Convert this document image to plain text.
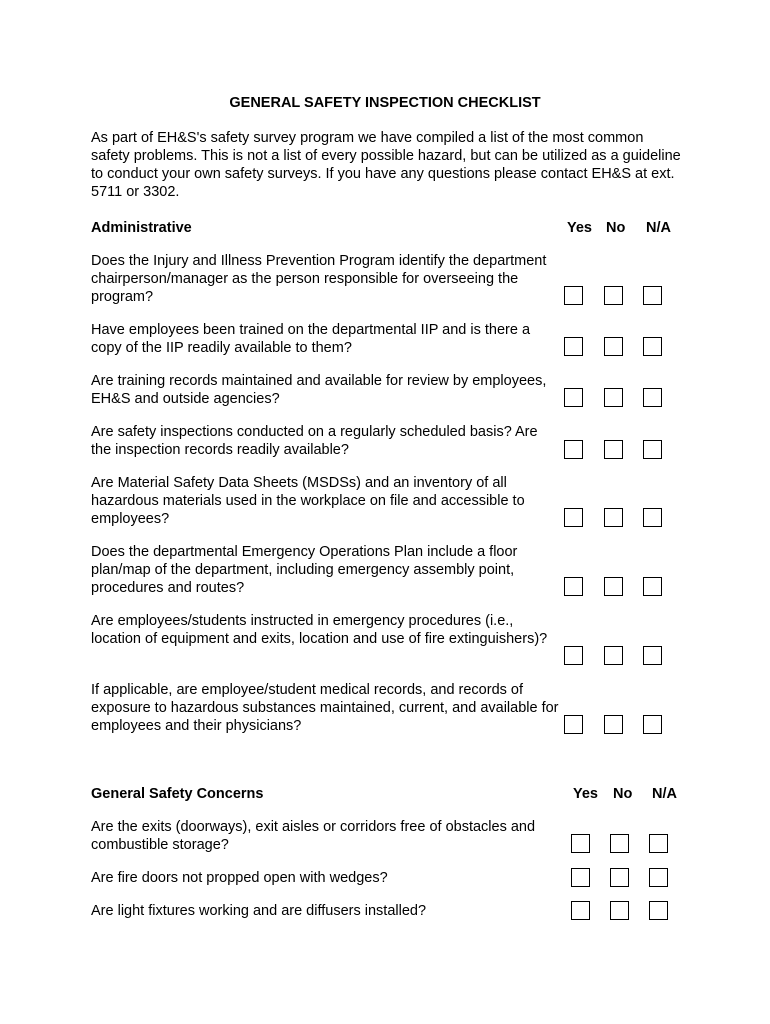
GENERAL SAFETY INSPECTION CHECKLIST
As part of EH&S's safety survey program we have compiled a list of the most common safety problems. This is not a list of every possible hazard, but can be utilized as a guideline to conduct your own safety surveys. If you have any questions please contact EH&S at ext. 5711 or 3302.
Administrative	Yes No N/A
Does the Injury and Illness Prevention Program identify the department chairperson/manager as the person responsible for overseeing the program?
Have employees been trained on the departmental IIP and is there a copy of the IIP readily available to them?
Are training records maintained and available for review by employees, EH&S and outside agencies?
Are safety inspections conducted on a regularly scheduled basis? Are the inspection records readily available?
Are Material Safety Data Sheets (MSDSs) and an inventory of all hazardous materials used in the workplace on file and accessible to employees?
Does the departmental Emergency Operations Plan include a floor plan/map of the department, including emergency assembly point, procedures and routes?
Are employees/students instructed in emergency procedures (i.e., location of equipment and exits, location and use of fire extinguishers)?
If applicable, are employee/student medical records, and records of exposure to hazardous substances maintained, current, and available for employees and their physicians?
General Safety Concerns	Yes No N/A
Are the exits (doorways), exit aisles or corridors free of obstacles and combustible storage?
Are fire doors not propped open with wedges?
Are light fixtures working and are diffusers installed?
